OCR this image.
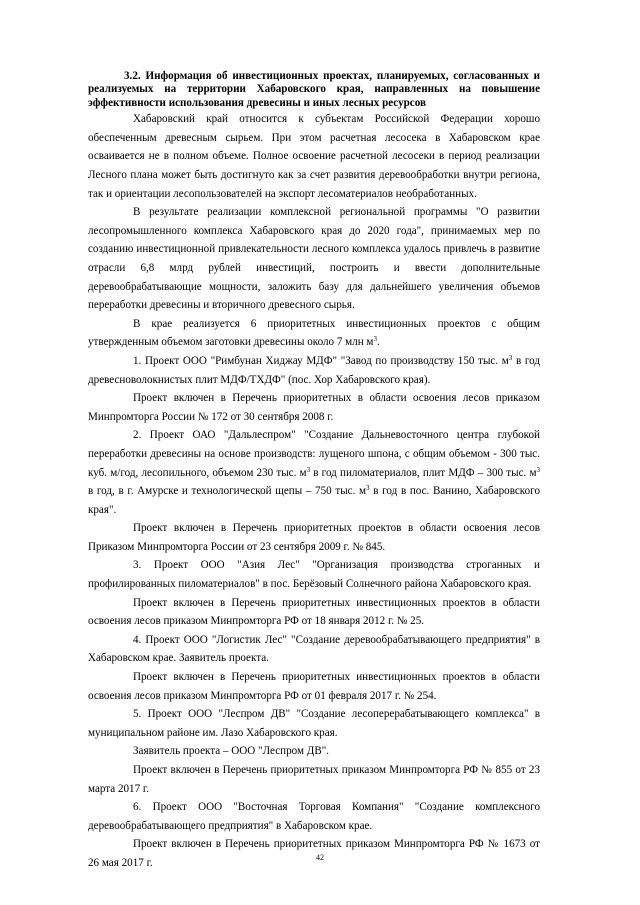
3.2. Информация об инвестиционных проектах, планируемых, согласованных и реализуемых на территории Хабаровского края, направленных на повышение эффективности использования древесины и иных лесных ресурсов

Хабаровский край относится к субъектам Российской Федерации хорошо обеспеченным древесным сырьем. При этом расчетная лесосека в Хабаровском крае осваивается не в полном объеме. Полное освоение расчетной лесосеки в период реализации Лесного плана может быть достигнуто как за счет развития деревообработки внутри региона, так и ориентации лесопользователей на экспорт лесоматериалов необработанных.

В результате реализации комплексной региональной программы "О развитии лесопромышленного комплекса Хабаровского края до 2020 года", принимаемых мер по созданию инвестиционной привлекательности лесного комплекса удалось привлечь в развитие отрасли 6,8 млрд рублей инвестиций, построить и ввести дополнительные деревообрабатывающие мощности, заложить базу для дальнейшего увеличения объемов переработки древесины и вторичного древесного сырья.

В крае реализуется 6 приоритетных инвестиционных проектов с общим утвержденным объемом заготовки древесины около 7 млн $м^3$.

1. Проект ООО "Римбунан Хиджау МДФ" "Завод по производству 150 тыс. $м^3$ в год древесноволокнистых плит МДФ/ТХДФ" (пос. Хор Хабаровского края).

Проект включен в Перечень приоритетных в области освоения лесов приказом Минпромторга России № 172 от 30 сентября 2008 г.

2. Проект ОАО "Дальлеспром" "Создание Дальневосточного центра глубокой переработки древесины на основе производств: лущеного шпона, с общим объемом - 300 тыс. куб. м/год, лесопильного, объемом 230 тыс. $м^3$ в год пиломатериалов, плит МДФ – 300 тыс. $м^3$ в год, в г. Амурске и технологической щепы – 750 тыс. $м^3$ в год в пос. Ванино, Хабаровского края".

Проект включен в Перечень приоритетных проектов в области освоения лесов Приказом Минпромторга России от 23 сентября 2009 г. № 845.

3. Проект ООО "Азия Лес" "Организация производства строганных и профилированных пиломатериалов" в пос. Берёзовый Солнечного района Хабаровского края.

Проект включен в Перечень приоритетных инвестиционных проектов в области освоения лесов приказом Минпромторга РФ от 18 января 2012 г. № 25.

4. Проект ООО "Логистик Лес" "Создание деревообрабатывающего предприятия" в Хабаровском крае. Заявитель проекта.

Проект включен в Перечень приоритетных инвестиционных проектов в области освоения лесов приказом Минпромторга РФ от 01 февраля 2017 г. № 254.

5. Проект ООО "Леспром ДВ" "Создание лесоперерабатывающего комплекса" в муниципальном районе им. Лазо Хабаровского края.

Заявитель проекта – ООО "Леспром ДВ".

Проект включен в Перечень приоритетных приказом Минпромторга РФ № 855 от 23 марта 2017 г.

6. Проект ООО "Восточная Торговая Компания" "Создание комплексного деревообрабатывающего предприятия" в Хабаровском крае.

Проект включен в Перечень приоритетных приказом Минпромторга РФ № 1673 от 26 мая 2017 г.	42
